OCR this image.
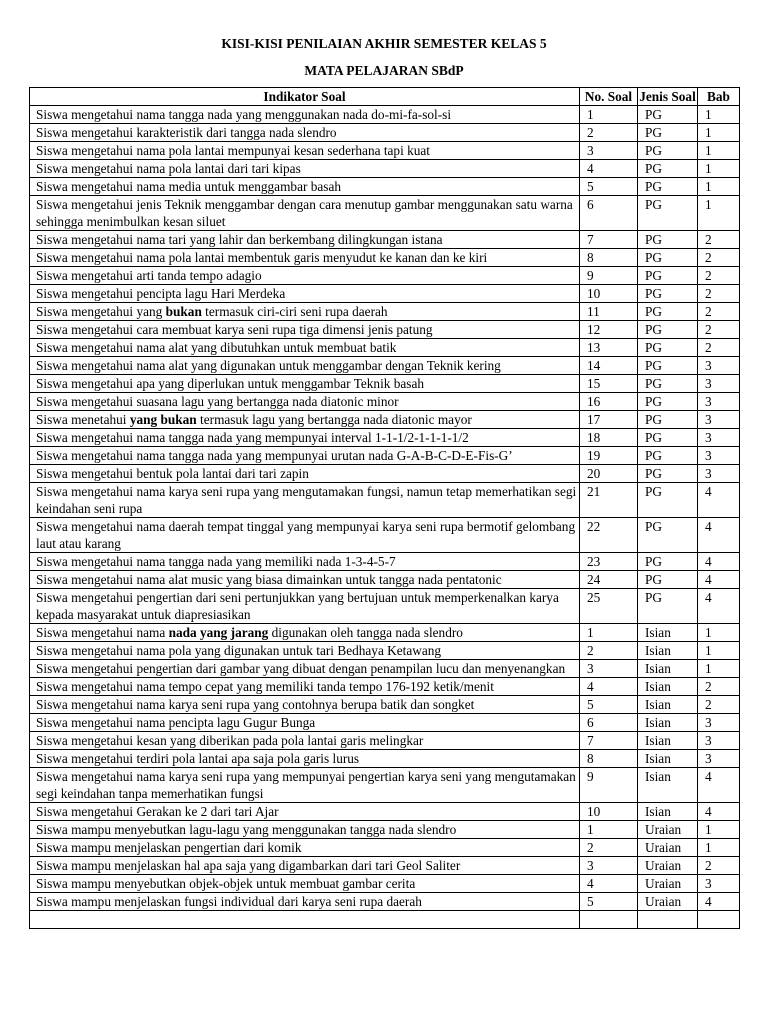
KISI-KISI PENILAIAN AKHIR SEMESTER KELAS 5
MATA PELAJARAN SBdP
Indikator Soal	No. Soal	Jenis Soal	Bab
Siswa mengetahui nama tangga nada yang menggunakan nada do-mi-fa-sol-si	1	PG	1
Siswa mengetahui karakteristik dari tangga nada slendro	2	PG	1
Siswa mengetahui nama pola lantai mempunyai kesan sederhana tapi kuat	3	PG	1
Siswa mengetahui nama pola lantai dari tari kipas	4	PG	1
Siswa mengetahui nama media untuk menggambar basah	5	PG	1
Siswa mengetahui jenis Teknik menggambar dengan cara menutup gambar menggunakan satu warna sehingga menimbulkan kesan siluet	6	PG	1
Siswa mengetahui nama tari yang lahir dan berkembang dilingkungan istana	7	PG	2
Siswa mengetahui nama pola lantai membentuk garis menyudut ke kanan dan ke kiri	8	PG	2
Siswa mengetahui arti tanda tempo adagio	9	PG	2
Siswa mengetahui pencipta lagu Hari Merdeka	10	PG	2
Siswa mengetahui yang bukan termasuk ciri-ciri seni rupa daerah	11	PG	2
Siswa mengetahui cara membuat karya seni rupa tiga dimensi jenis patung	12	PG	2
Siswa mengetahui nama alat yang dibutuhkan untuk membuat batik	13	PG	2
Siswa mengetahui nama alat yang digunakan untuk menggambar dengan Teknik kering	14	PG	3
Siswa mengetahui apa yang diperlukan untuk menggambar Teknik basah	15	PG	3
Siswa mengetahui suasana lagu yang bertangga nada diatonic minor	16	PG	3
Siswa menetahui yang bukan termasuk lagu yang bertangga nada diatonic mayor	17	PG	3
Siswa mengetahui nama tangga nada yang mempunyai interval 1-1-1/2-1-1-1-1/2	18	PG	3
Siswa mengetahui nama tangga nada yang mempunyai urutan nada G-A-B-C-D-E-Fis-G’	19	PG	3
Siswa mengetahui bentuk pola lantai dari tari zapin	20	PG	3
Siswa mengetahui nama karya seni rupa yang mengutamakan fungsi, namun tetap memerhatikan segi keindahan seni rupa	21	PG	4
Siswa mengetahui nama daerah tempat tinggal yang mempunyai karya seni rupa bermotif gelombang laut atau karang	22	PG	4
Siswa mengetahui nama tangga nada yang memiliki nada 1-3-4-5-7	23	PG	4
Siswa mengetahui nama alat music yang biasa dimainkan untuk tangga nada pentatonic	24	PG	4
Siswa mengetahui pengertian dari seni pertunjukkan yang bertujuan untuk memperkenalkan karya kepada masyarakat untuk diapresiasikan	25	PG	4
Siswa mengetahui nama nada yang jarang digunakan oleh tangga nada slendro	1	Isian	1
Siswa mengetahui nama pola yang digunakan untuk tari Bedhaya Ketawang	2	Isian	1
Siswa mengetahui pengertian dari gambar yang dibuat dengan penampilan lucu dan menyenangkan	3	Isian	1
Siswa mengetahui nama tempo cepat yang memiliki tanda tempo 176-192 ketik/menit	4	Isian	2
Siswa mengetahui nama karya seni rupa yang contohnya berupa batik dan songket	5	Isian	2
Siswa mengetahui nama pencipta lagu Gugur Bunga	6	Isian	3
Siswa mengetahui kesan yang diberikan pada pola lantai garis melingkar	7	Isian	3
Siswa mengetahui terdiri pola lantai apa saja pola garis lurus	8	Isian	3
Siswa mengetahui nama karya seni rupa yang mempunyai pengertian karya seni yang mengutamakan segi keindahan tanpa memerhatikan fungsi	9	Isian	4
Siswa mengetahui Gerakan ke 2 dari tari Ajar	10	Isian	4
Siswa mampu menyebutkan lagu-lagu yang menggunakan tangga nada slendro	1	Uraian	1
Siswa mampu menjelaskan pengertian dari komik	2	Uraian	1
Siswa mampu menjelaskan hal apa saja yang digambarkan dari tari Geol Saliter	3	Uraian	2
Siswa mampu menyebutkan objek-objek untuk membuat gambar cerita	4	Uraian	3
Siswa mampu menjelaskan fungsi individual dari karya seni rupa daerah	5	Uraian	4
